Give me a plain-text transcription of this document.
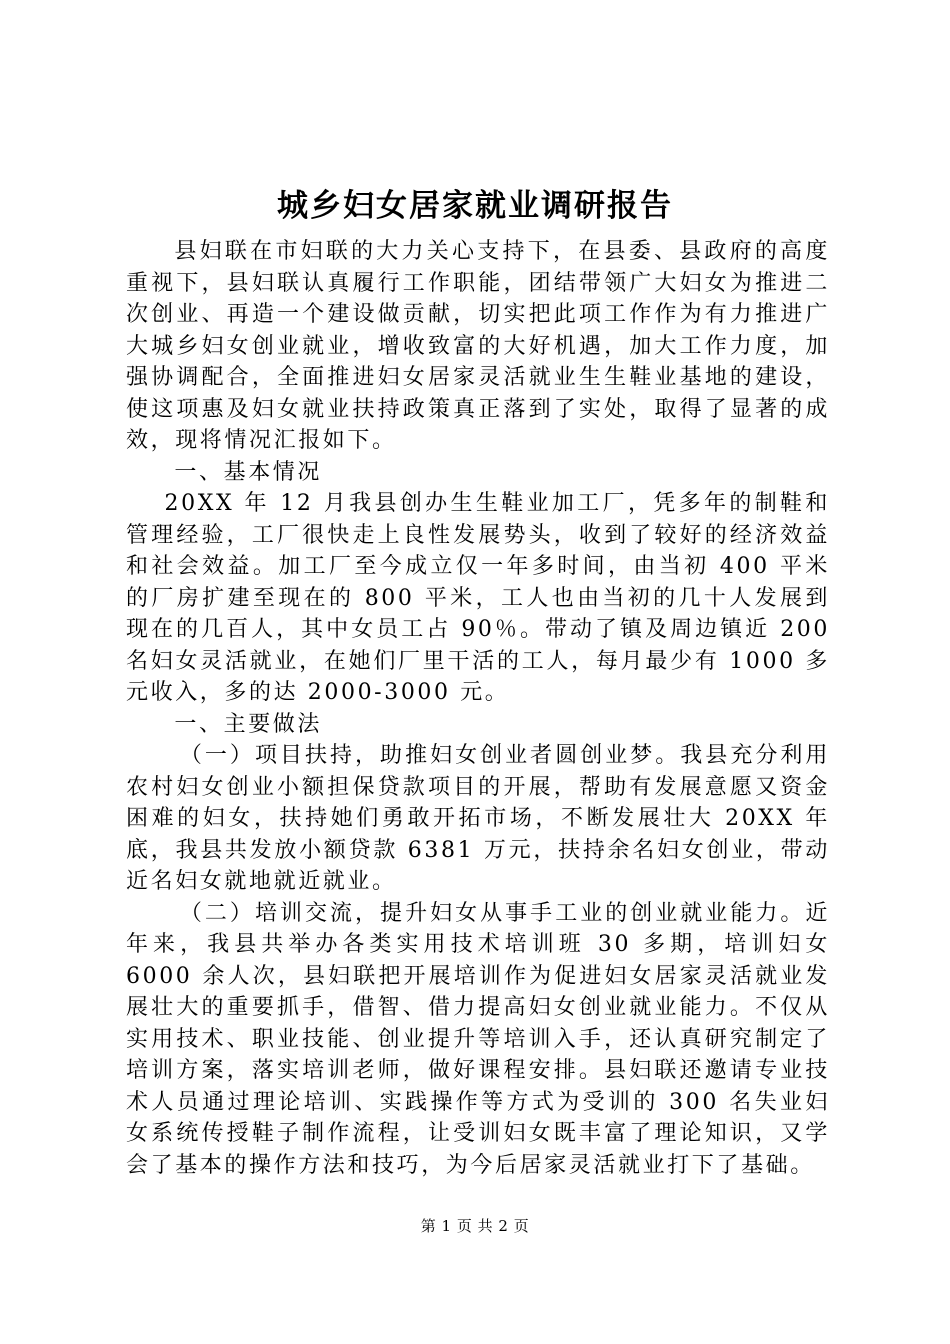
城乡妇女居家就业调研报告

县妇联在市妇联的大力关心支持下，在县委、县政府的高度重视下，县妇联认真履行工作职能，团结带领广大妇女为推进二次创业、再造一个建设做贡献，切实把此项工作作为有力推进广大城乡妇女创业就业，增收致富的大好机遇，加大工作力度，加强协调配合，全面推进妇女居家灵活就业生生鞋业基地的建设，使这项惠及妇女就业扶持政策真正落到了实处，取得了显著的成效，现将情况汇报如下。

一、基本情况

20XX 年 12 月我县创办生生鞋业加工厂，凭多年的制鞋和管理经验，工厂很快走上良性发展势头，收到了较好的经济效益和社会效益。加工厂至今成立仅一年多时间，由当初 400 平米的厂房扩建至现在的 800 平米，工人也由当初的几十人发展到现在的几百人，其中女员工占 90％。带动了镇及周边镇近 200 名妇女灵活就业，在她们厂里干活的工人，每月最少有 1000 多元收入，多的达 2000-3000 元。

一、主要做法

（一）项目扶持，助推妇女创业者圆创业梦。我县充分利用农村妇女创业小额担保贷款项目的开展，帮助有发展意愿又资金困难的妇女，扶持她们勇敢开拓市场，不断发展壮大 20XX 年底，我县共发放小额贷款 6381 万元，扶持余名妇女创业，带动近名妇女就地就近就业。

（二）培训交流，提升妇女从事手工业的创业就业能力。近年来，我县共举办各类实用技术培训班 30 多期，培训妇女 6000 余人次，县妇联把开展培训作为促进妇女居家灵活就业发展壮大的重要抓手，借智、借力提高妇女创业就业能力。不仅从实用技术、职业技能、创业提升等培训入手，还认真研究制定了培训方案，落实培训老师，做好课程安排。县妇联还邀请专业技术人员通过理论培训、实践操作等方式为受训的 300 名失业妇女系统传授鞋子制作流程，让受训妇女既丰富了理论知识，又学会了基本的操作方法和技巧，为今后居家灵活就业打下了基础。

第 1 页 共 2 页
